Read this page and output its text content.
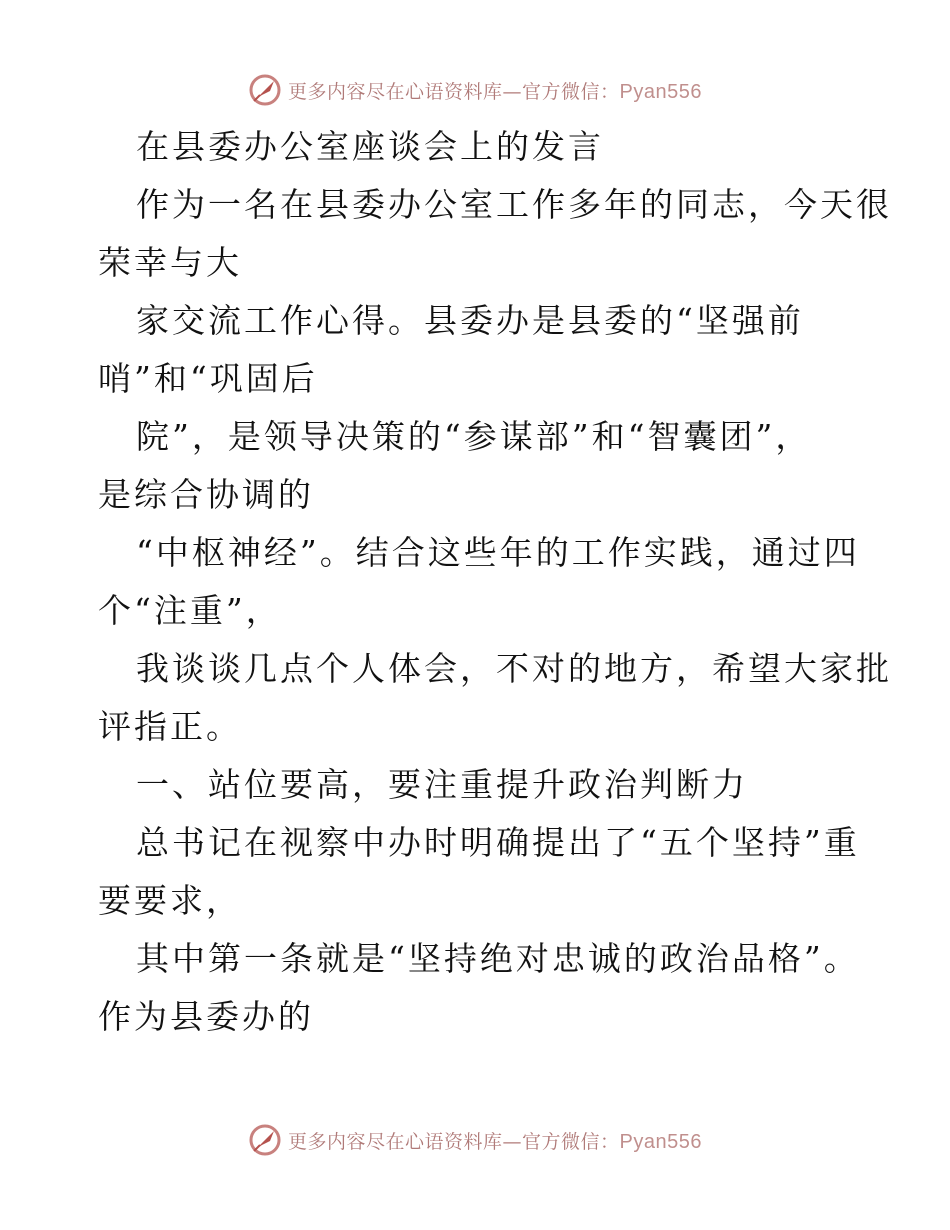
更多内容尽在心语资料库—官方微信：Pyan556
在县委办公室座谈会上的发言
作为一名在县委办公室工作多年的同志，今天很
荣幸与大
家交流工作心得。县委办是县委的“坚强前
哨”和“巩固后
院”，是领导决策的“参谋部”和“智囊团”，
是综合协调的
“中枢神经”。结合这些年的工作实践，通过四
个“注重”，
我谈谈几点个人体会，不对的地方，希望大家批
评指正。
一、站位要高，要注重提升政治判断力
总书记在视察中办时明确提出了“五个坚持”重
要要求，
其中第一条就是“坚持绝对忠诚的政治品格”。
作为县委办的
更多内容尽在心语资料库—官方微信：Pyan556
